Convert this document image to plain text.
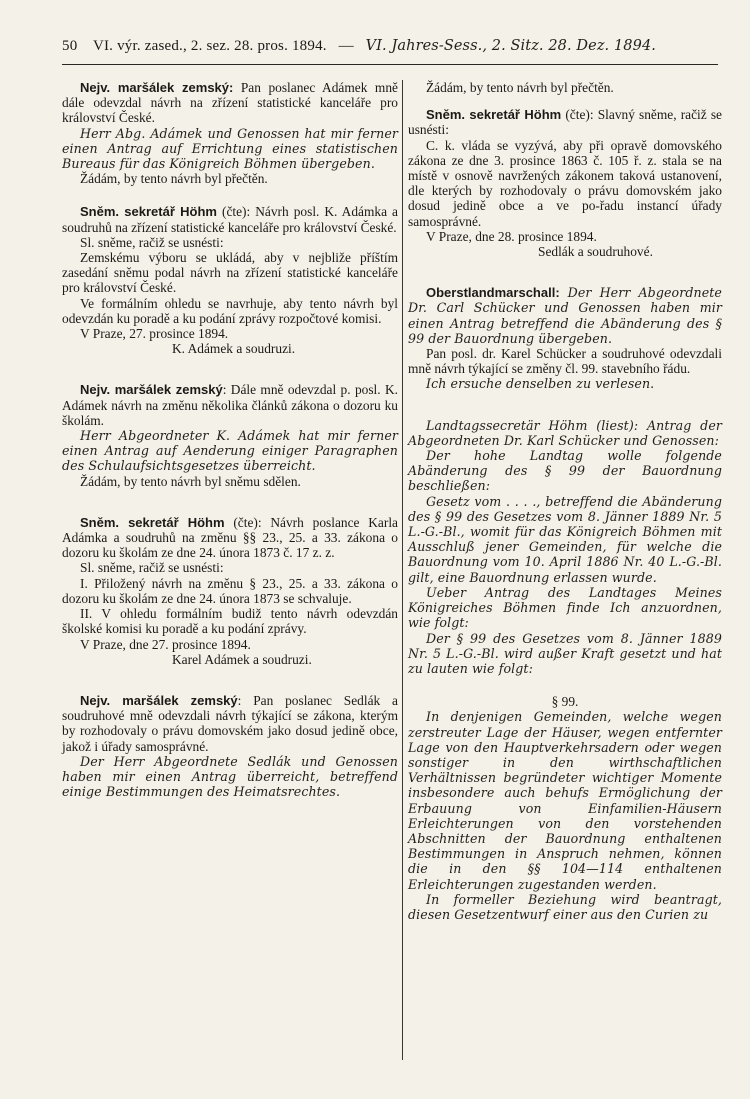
50 VI. výr. zased., 2. sez. 28. pros. 1894. — VI. Jahres-Sess., 2. Sitz. 28. Dez. 1894.

Nejv. maršálek zemský: Pan poslanec Adámek mně dále odevzdal návrh na zřízení statistické kanceláře pro království České.

Herr Abg. Adámek und Genossen hat mir ferner einen Antrag auf Errichtung eines statistischen Bureaus für das Königreich Böhmen übergeben.

Žádám, by tento návrh byl přečtěn.

Sněm. sekretář Höhm (čte): Návrh posl. K. Adámka a soudruhů na zřízení statistické kanceláře pro království České.

Sl. sněme, račiž se usnésti:

Zemskému výboru se ukládá, aby v nejbliže příštím zasedání sněmu podal návrh na zřízení statistické kanceláře pro království České.

Ve formálním ohledu se navrhuje, aby tento návrh byl odevzdán ku poradě a ku podání zprávy rozpočtové komisi.

V Praze, 27. prosince 1894.

K. Adámek a soudruzi.

Nejv. maršálek zemský: Dále mně odevzdal p. posl. K. Adámek návrh na změnu několika článků zákona o dozoru ku školám.

Herr Abgeordneter K. Adámek hat mir ferner einen Antrag auf Aenderung einiger Paragraphen des Schulaufsichtsgesetzes überreicht.

Žádám, by tento návrh byl sněmu sdělen.

Sněm. sekretář Höhm (čte): Návrh poslance Karla Adámka a soudruhů na změnu §§ 23., 25. a 33. zákona o dozoru ku školám ze dne 24. února 1873 č. 17 z. z.

Sl. sněme, račiž se usnésti:

I. Přiložený návrh na změnu § 23., 25. a 33. zákona o dozoru ku školám ze dne 24. února 1873 se schvaluje.

II. V ohledu formálním budiž tento návrh odevzdán školské komisi ku poradě a ku podání zprávy.

V Praze, dne 27. prosince 1894.

Karel Adámek a soudruzi.

Nejv. maršálek zemský: Pan poslanec Sedlák a soudruhové mně odevzdali návrh týkající se zákona, kterým by rozhodovaly o právu domovském jako dosud jedině obce, jakož i úřady samosprávné.

Der Herr Abgeordnete Sedlák und Genossen haben mir einen Antrag überreicht, betreffend einige Bestimmungen des Heimatsrechtes.

Žádám, by tento návrh byl přečtěn.

Sněm. sekretář Höhm (čte): Slavný sněme, račiž se usnésti:

C. k. vláda se vyzývá, aby při opravě domovského zákona ze dne 3. prosince 1863 č. 105 ř. z. stala se na místě v osnově navržených zákonem taková ustanovení, dle kterých by rozhodovaly o právu domovském jako dosud jedině obce a ve po-řadu instancí úřady samosprávné.

V Praze, dne 28. prosince 1894.

Sedlák a soudruhové.

Oberstlandmarschall: Der Herr Abgeordnete Dr. Carl Schücker und Genossen haben mir einen Antrag betreffend die Abänderung des § 99 der Bauordnung übergeben.

Pan posl. dr. Karel Schücker a soudruhové odevzdali mně návrh týkající se změny čl. 99. stavebního řádu.

Ich ersuche denselben zu verlesen.

Landtagssecretär Höhm (liest): Antrag der Abgeordneten Dr. Karl Schücker und Genossen:

Der hohe Landtag wolle folgende Abänderung des § 99 der Bauordnung beschließen:

Gesetz vom . . . ., betreffend die Abänderung des § 99 des Gesetzes vom 8. Jänner 1889 Nr. 5 L.-G.-Bl., womit für das Königreich Böhmen mit Ausschluß jener Gemeinden, für welche die Bauordnung vom 10. April 1886 Nr. 40 L.-G.-Bl. gilt, eine Bauordnung erlassen wurde.

Ueber Antrag des Landtages Meines Königreiches Böhmen finde Ich anzuordnen, wie folgt:

Der § 99 des Gesetzes vom 8. Jänner 1889 Nr. 5 L.-G.-Bl. wird außer Kraft gesetzt und hat zu lauten wie folgt:

§ 99.

In denjenigen Gemeinden, welche wegen zerstreuter Lage der Häuser, wegen entfernter Lage von den Hauptverkehrsadern oder wegen sonstiger in den wirthschaftlichen Verhältnissen begründeter wichtiger Momente insbesondere auch behufs Ermöglichung der Erbauung von Einfamilien-Häusern Erleichterungen von den vorstehenden Abschnitten der Bauordnung enthaltenen Bestimmungen in Anspruch nehmen, können die in den §§ 104—114 enthaltenen Erleichterungen zugestanden werden.

In formeller Beziehung wird beantragt, diesen Gesetzentwurf einer aus den Curien zu
